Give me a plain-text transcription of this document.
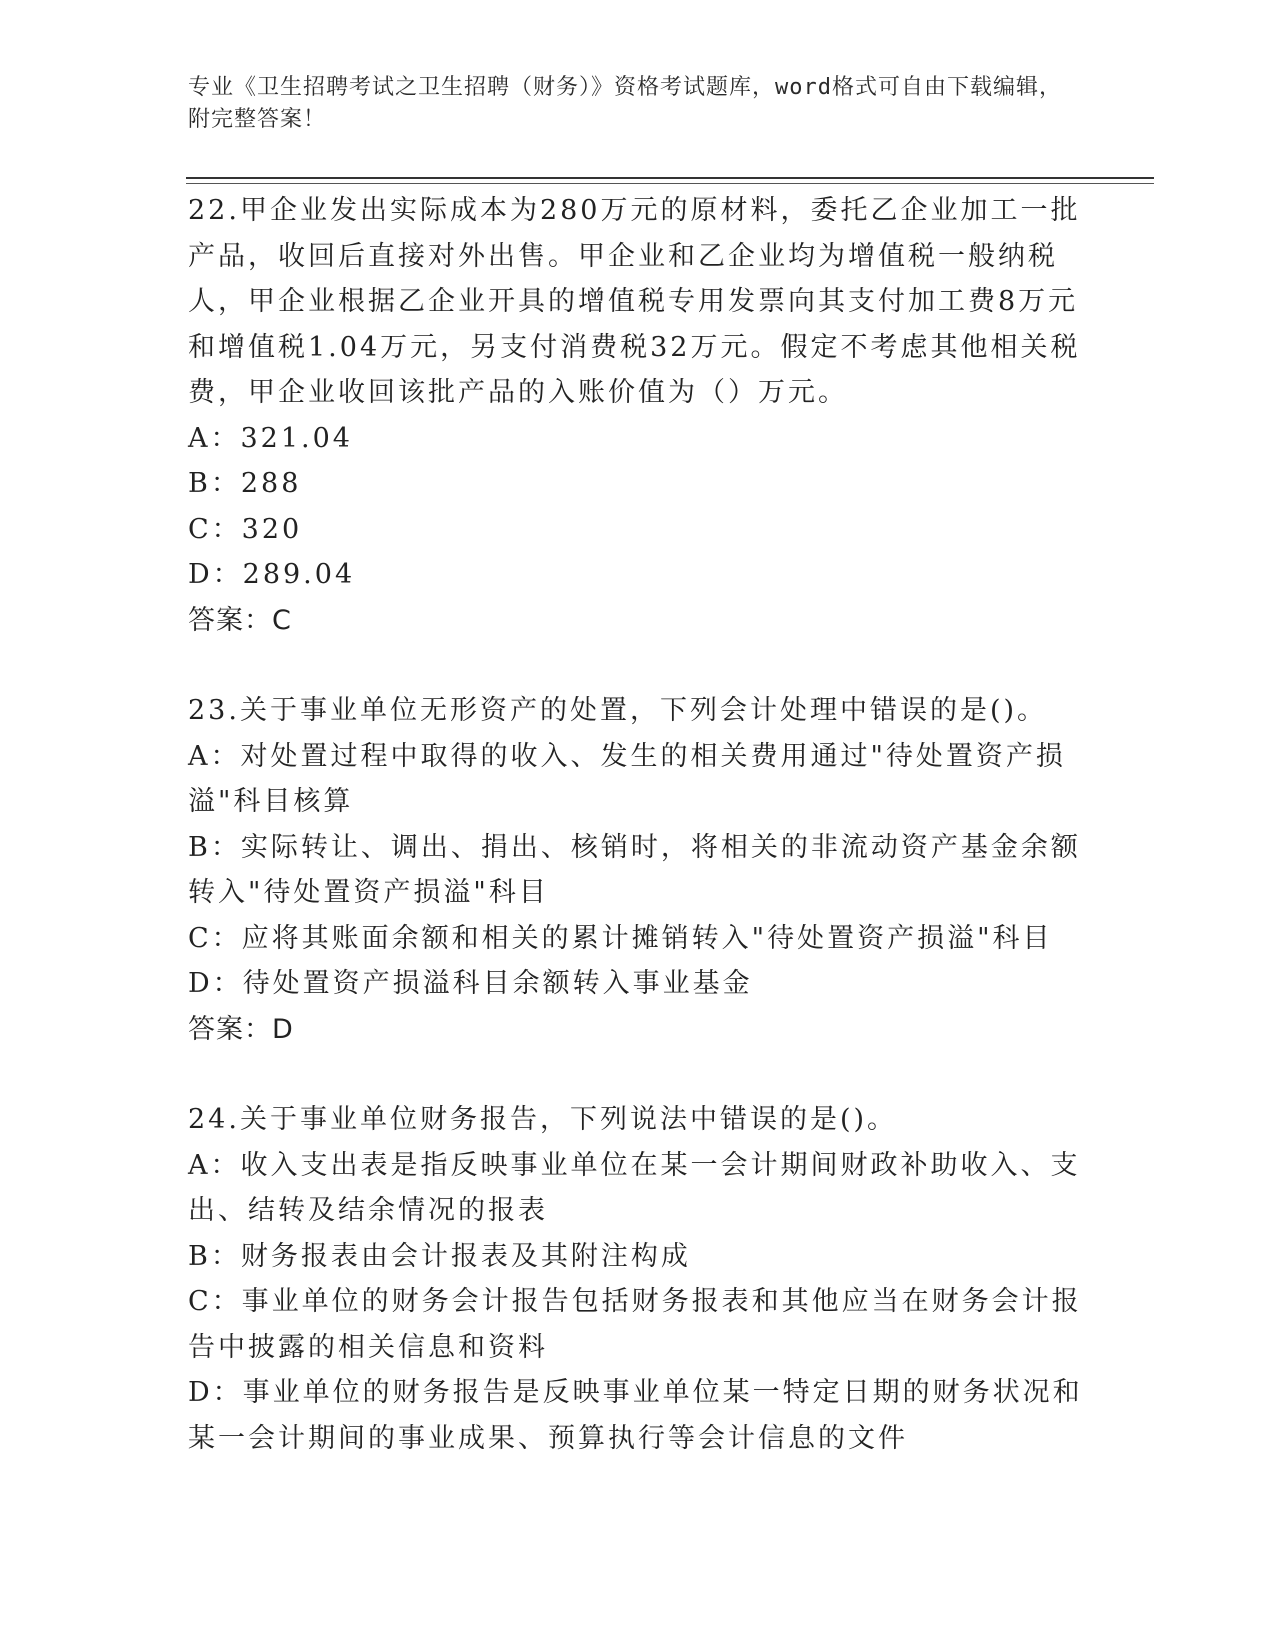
专业《卫生招聘考试之卫生招聘（财务）》资格考试题库，word格式可自由下载编辑，附完整答案！

22.甲企业发出实际成本为280万元的原材料，委托乙企业加工一批产品，收回后直接对外出售。甲企业和乙企业均为增值税一般纳税人，甲企业根据乙企业开具的增值税专用发票向其支付加工费8万元和增值税1.04万元，另支付消费税32万元。假定不考虑其他相关税费，甲企业收回该批产品的入账价值为（）万元。

A：321.04

B：288

C：320

D：289.04

答案：C

23.关于事业单位无形资产的处置，下列会计处理中错误的是()。

A：对处置过程中取得的收入、发生的相关费用通过"待处置资产损溢"科目核算

B：实际转让、调出、捐出、核销时，将相关的非流动资产基金余额转入"待处置资产损溢"科目

C：应将其账面余额和相关的累计摊销转入"待处置资产损溢"科目

D：待处置资产损溢科目余额转入事业基金

答案：D

24.关于事业单位财务报告，下列说法中错误的是()。

A：收入支出表是指反映事业单位在某一会计期间财政补助收入、支出、结转及结余情况的报表

B：财务报表由会计报表及其附注构成

C：事业单位的财务会计报告包括财务报表和其他应当在财务会计报告中披露的相关信息和资料

D：事业单位的财务报告是反映事业单位某一特定日期的财务状况和某一会计期间的事业成果、预算执行等会计信息的文件
